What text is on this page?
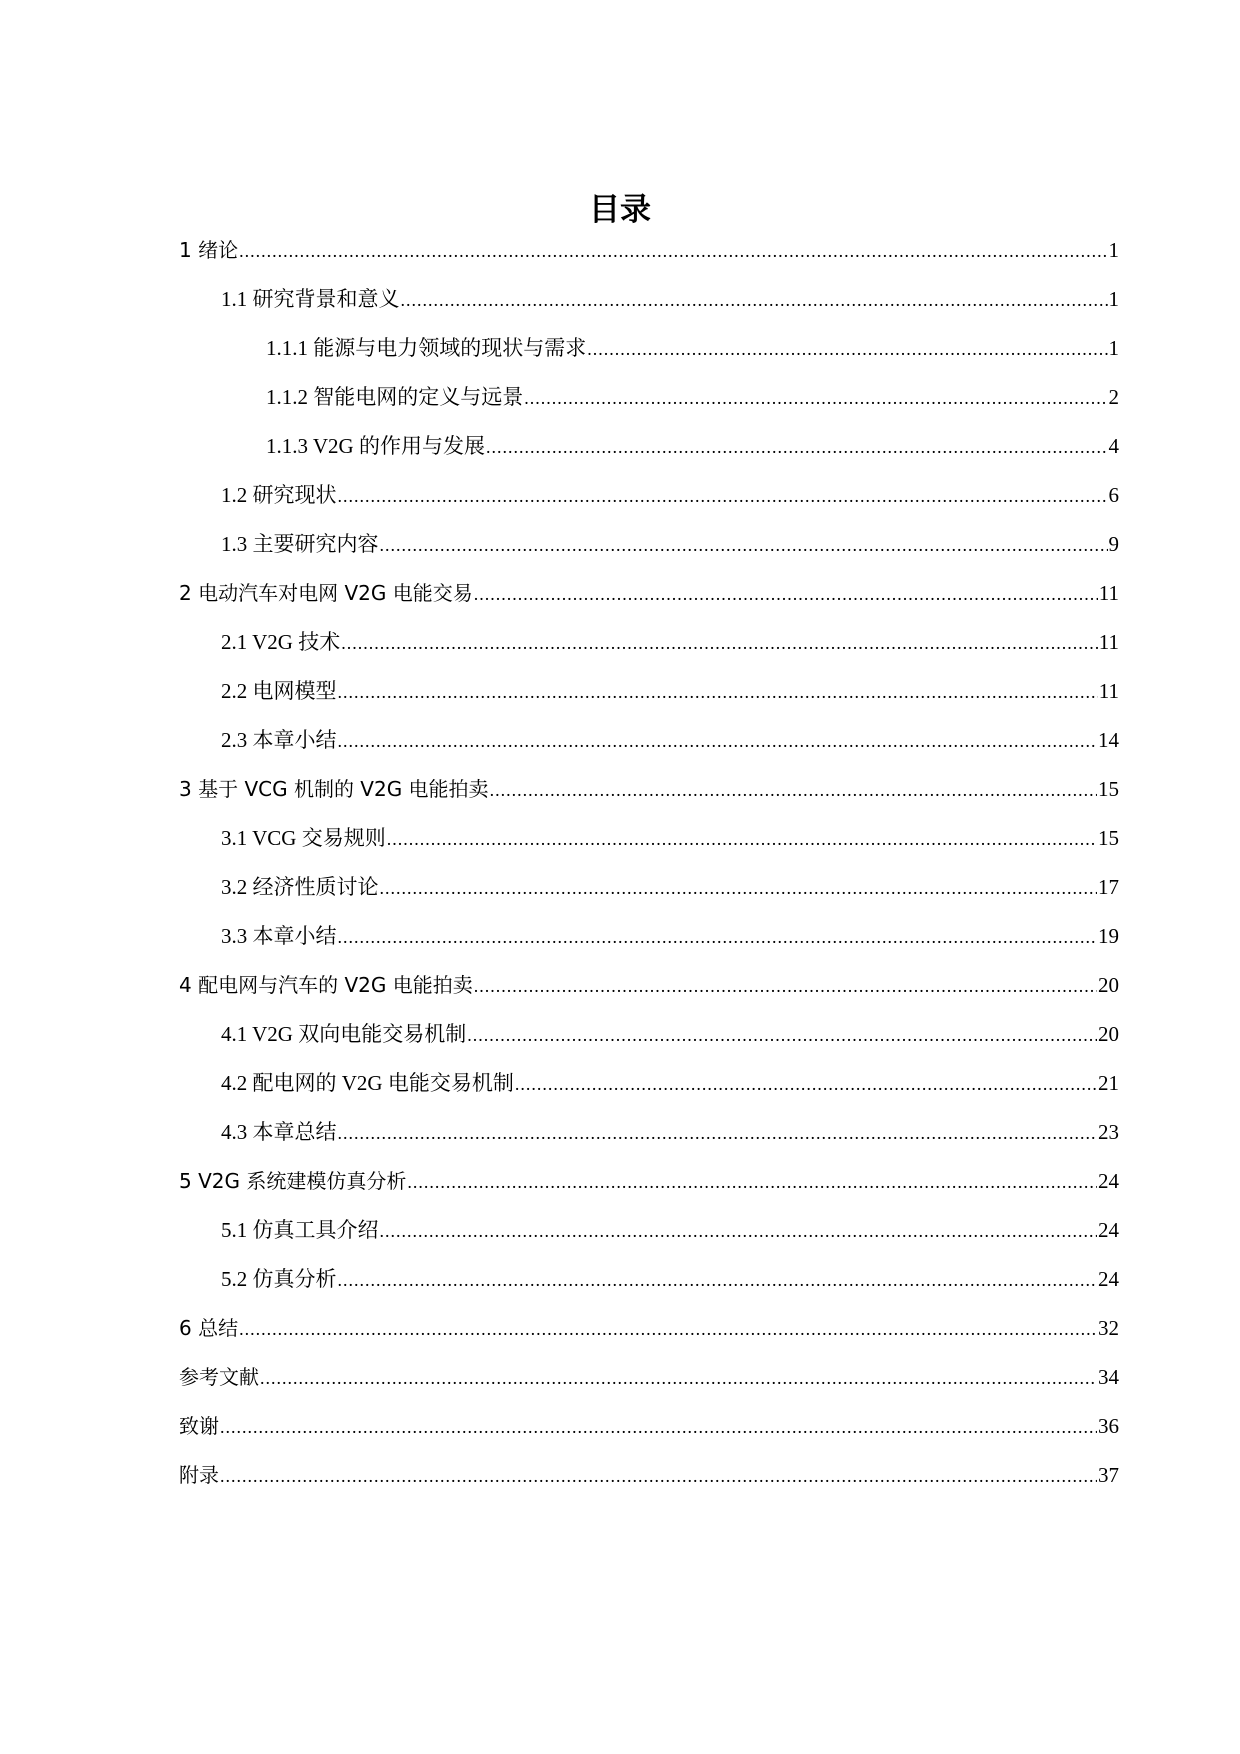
目录
1 绪论 .....	1
1.1 研究背景和意义 .....	1
1.1.1 能源与电力领域的现状与需求 .....	1
1.1.2 智能电网的定义与远景 .....	2
1.1.3 V2G 的作用与发展 .....	4
1.2 研究现状 .....	6
1.3 主要研究内容 .....	9
2 电动汽车对电网 V2G 电能交易 .....	11
2.1 V2G 技术 .....	11
2.2 电网模型 .....	11
2.3 本章小结 .....	14
3 基于 VCG 机制的 V2G 电能拍卖 .....	15
3.1 VCG 交易规则 .....	15
3.2 经济性质讨论 .....	17
3.3 本章小结 .....	19
4 配电网与汽车的 V2G 电能拍卖 .....	20
4.1 V2G 双向电能交易机制 .....	20
4.2 配电网的 V2G 电能交易机制 .....	21
4.3 本章总结 .....	23
5 V2G 系统建模仿真分析 .....	24
5.1 仿真工具介绍 .....	24
5.2 仿真分析 .....	24
6 总结 .....	32
参考文献 .....	34
致谢 .....	36
附录 .....	37
